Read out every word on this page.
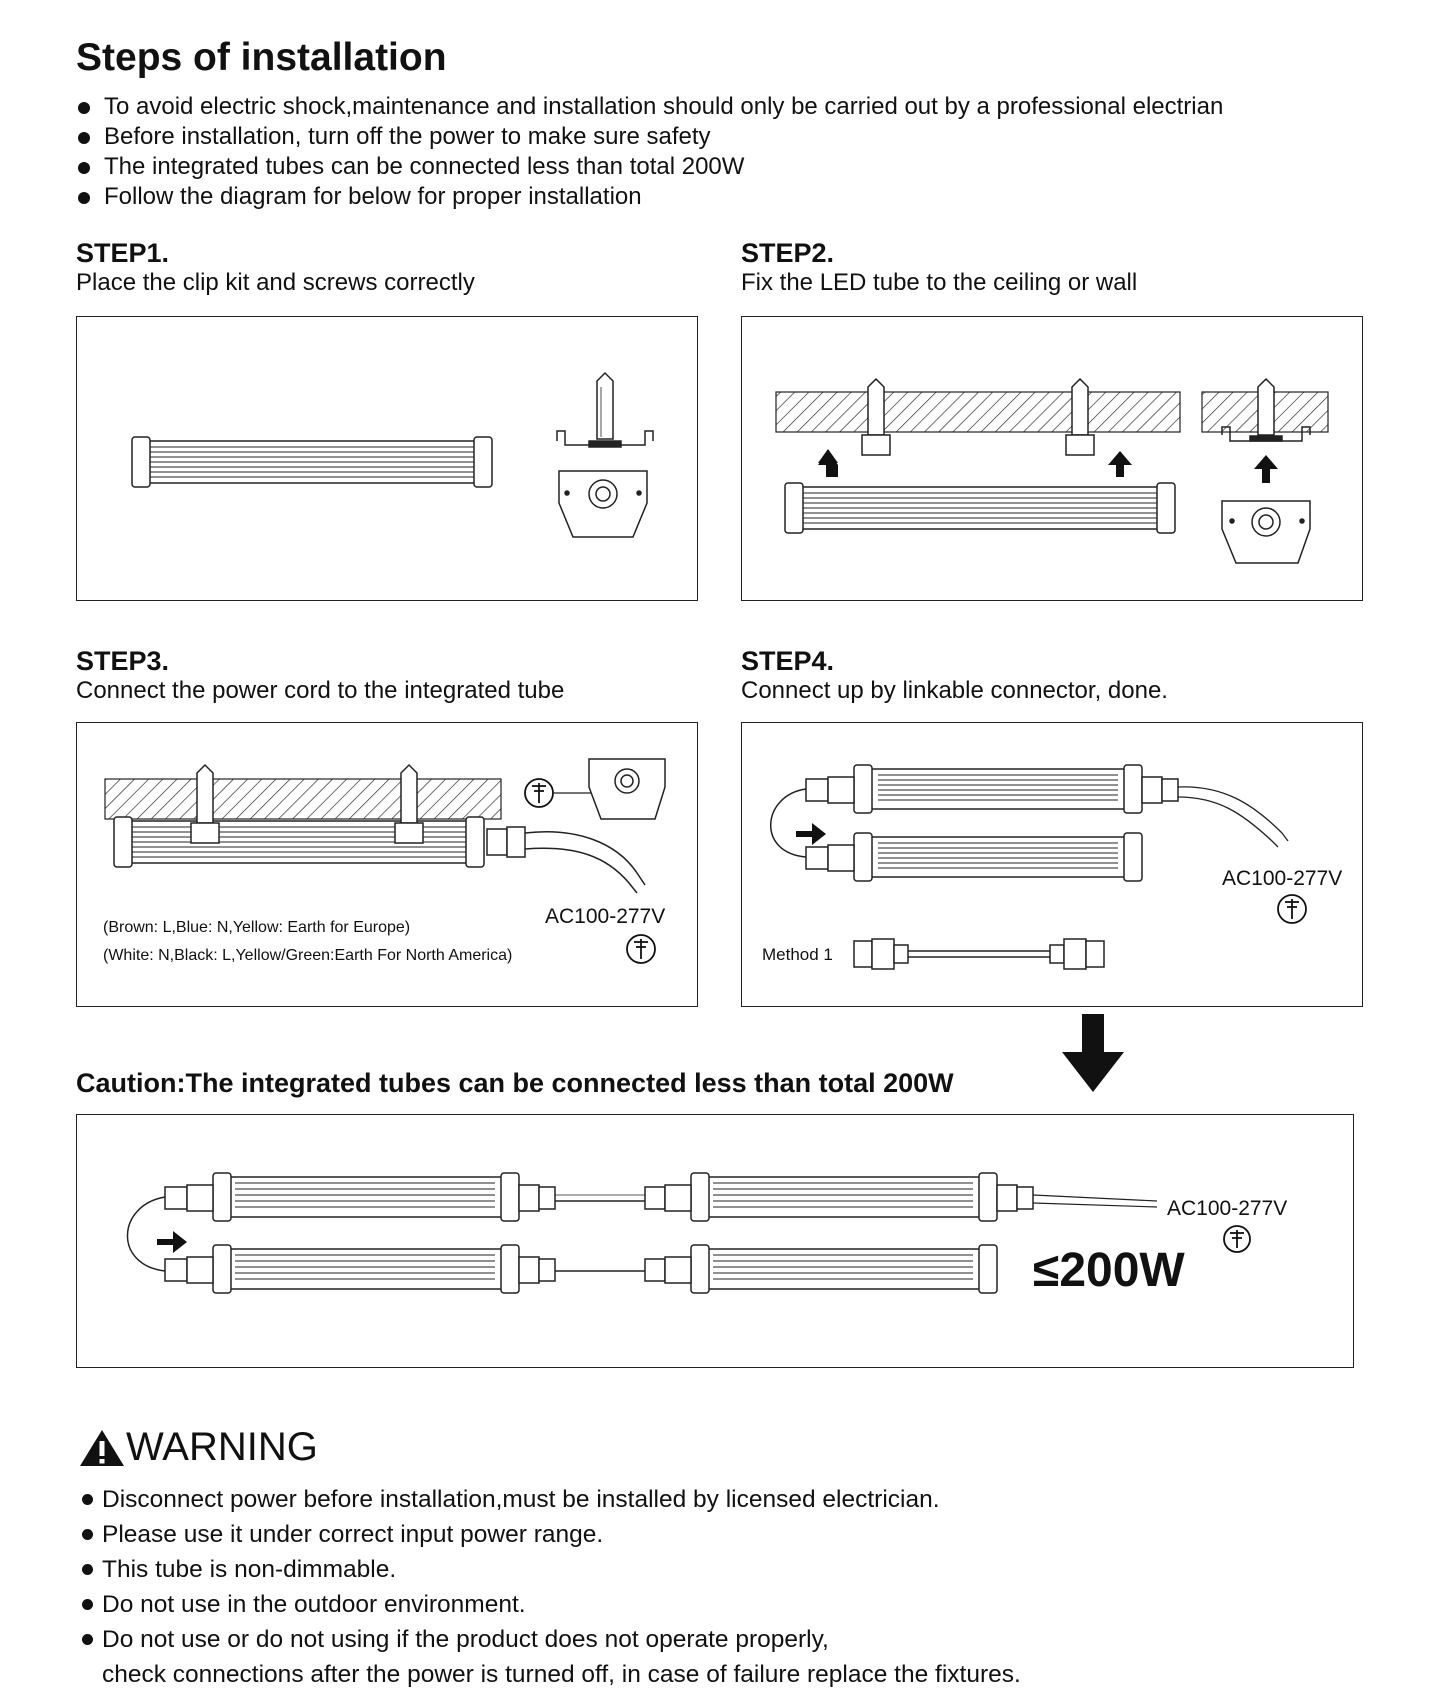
Steps of installation
To avoid electric shock,maintenance and installation should only be carried out by a professional electrian
Before installation, turn off the power to make sure safety
The integrated tubes can be connected less than total 200W
Follow the diagram for below for proper installation
STEP1.
Place the clip kit and screws correctly
STEP2.
Fix the LED tube to the ceiling or wall
STEP3.
Connect the power cord to the integrated tube
AC100-277V
(Brown: L,Blue: N,Yellow: Earth for Europe)
(White: N,Black: L,Yellow/Green:Earth For North America)
STEP4.
Connect up by linkable connector, done.
AC100-277V
Method 1
Caution:The integrated tubes can be connected less than total 200W
AC100-277V
≤200W
WARNING
Disconnect power before installation,must be installed by licensed electrician.
Please use it under correct input power range.
This tube is non-dimmable.
Do not use in the outdoor environment.
Do not use or do not using if the product does not operate properly,
check connections after the power is turned off, in case of failure replace the fixtures.
